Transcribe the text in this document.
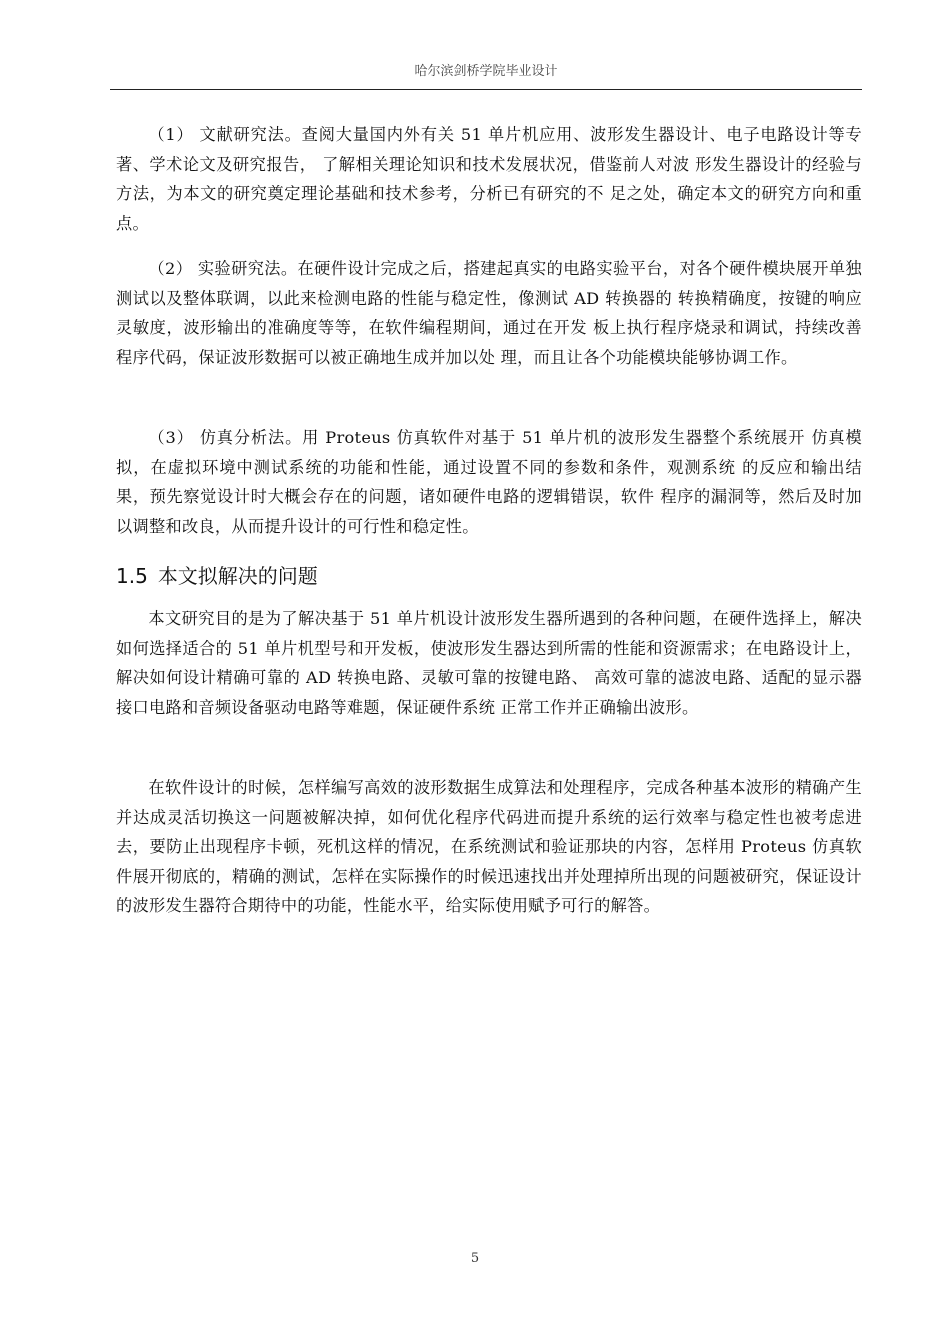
哈尔滨剑桥学院毕业设计

（1） 文献研究法。查阅大量国内外有关 51 单片机应用、波形发生器设计、电子电路设计等专著、学术论文及研究报告， 了解相关理论知识和技术发展状况，借鉴前人对波 形发生器设计的经验与方法，为本文的研究奠定理论基础和技术参考，分析已有研究的不 足之处，确定本文的研究方向和重点。

（2） 实验研究法。在硬件设计完成之后，搭建起真实的电路实验平台，对各个硬件模块展开单独测试以及整体联调，以此来检测电路的性能与稳定性，像测试 AD 转换器的 转换精确度，按键的响应灵敏度，波形输出的准确度等等，在软件编程期间，通过在开发 板上执行程序烧录和调试，持续改善程序代码，保证波形数据可以被正确地生成并加以处 理，而且让各个功能模块能够协调工作。

（3） 仿真分析法。用 Proteus 仿真软件对基于 51 单片机的波形发生器整个系统展开 仿真模拟，在虚拟环境中测试系统的功能和性能，通过设置不同的参数和条件，观测系统 的反应和输出结果，预先察觉设计时大概会存在的问题，诸如硬件电路的逻辑错误，软件 程序的漏洞等，然后及时加以调整和改良，从而提升设计的可行性和稳定性。

1.5 本文拟解决的问题

本文研究目的是为了解决基于 51 单片机设计波形发生器所遇到的各种问题，在硬件选择上，解决如何选择适合的 51 单片机型号和开发板，使波形发生器达到所需的性能和资源需求；在电路设计上，解决如何设计精确可靠的 AD 转换电路、灵敏可靠的按键电路、 高效可靠的滤波电路、适配的显示器接口电路和音频设备驱动电路等难题，保证硬件系统 正常工作并正确输出波形。

在软件设计的时候，怎样编写高效的波形数据生成算法和处理程序，完成各种基本波形的精确产生并达成灵活切换这一问题被解决掉，如何优化程序代码进而提升系统的运行效率与稳定性也被考虑进去，要防止出现程序卡顿，死机这样的情况，在系统测试和验证那块的内容，怎样用 Proteus 仿真软件展开彻底的，精确的测试，怎样在实际操作的时候迅速找出并处理掉所出现的问题被研究，保证设计的波形发生器符合期待中的功能，性能水平，给实际使用赋予可行的解答。

5
